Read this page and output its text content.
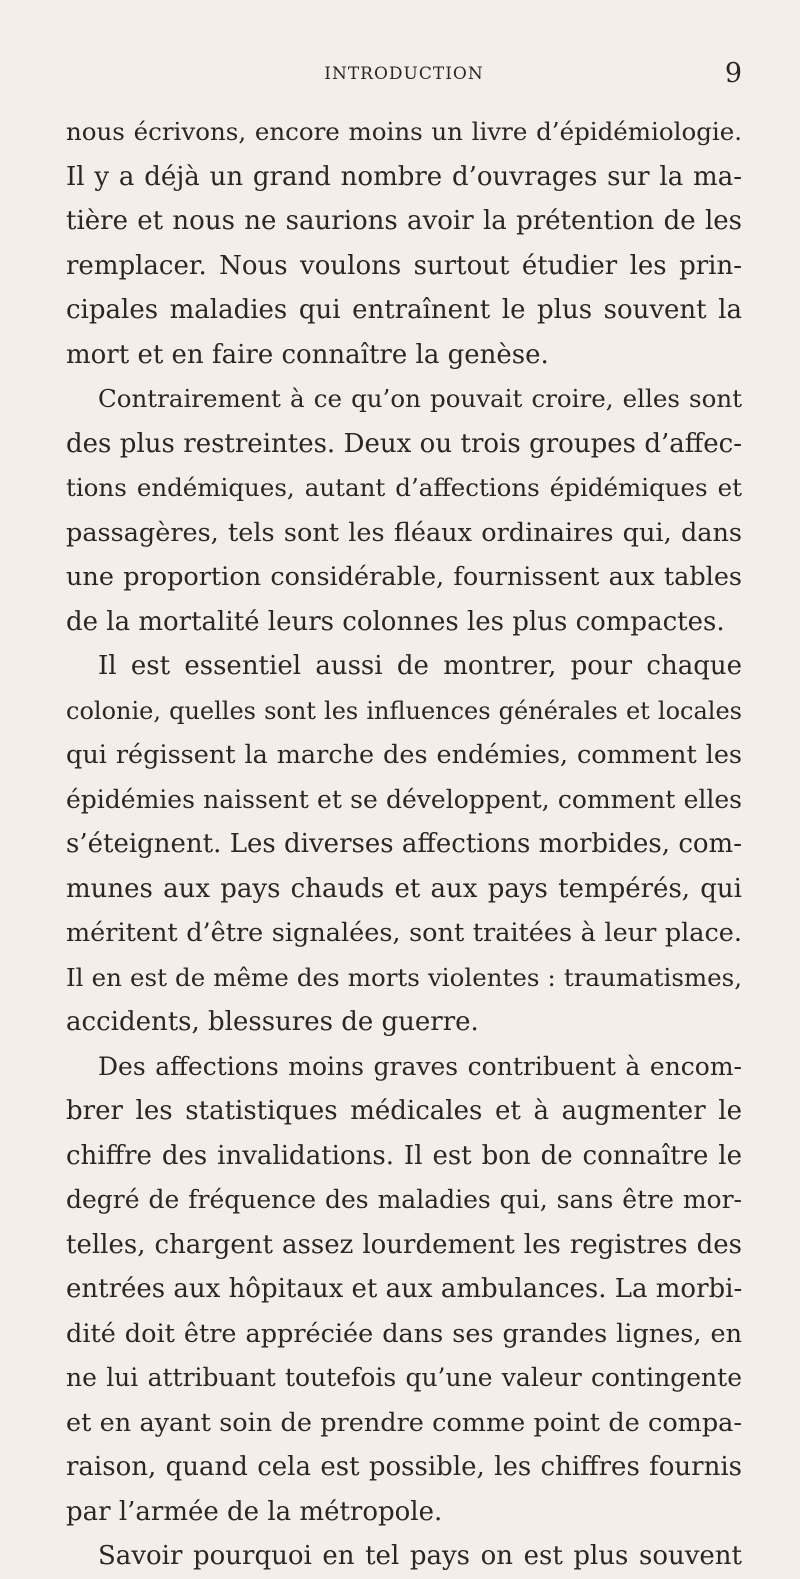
INTRODUCTION	9
nous écrivons, encore moins un livre d’épidémiologie.
Il y a déjà un grand nombre d’ouvrages sur la ma-
tière et nous ne saurions avoir la prétention de les
remplacer. Nous voulons surtout étudier les prin-
cipales maladies qui entraînent le plus souvent la
mort et en faire connaître la genèse.
Contrairement à ce qu’on pouvait croire, elles sont
des plus restreintes. Deux ou trois groupes d’affec-
tions endémiques, autant d’affections épidémiques et
passagères, tels sont les fléaux ordinaires qui, dans
une proportion considérable, fournissent aux tables
de la mortalité leurs colonnes les plus compactes.
Il est essentiel aussi de montrer, pour chaque
colonie, quelles sont les influences générales et locales
qui régissent la marche des endémies, comment les
épidémies naissent et se développent, comment elles
s’éteignent. Les diverses affections morbides, com-
munes aux pays chauds et aux pays tempérés, qui
méritent d’être signalées, sont traitées à leur place.
Il en est de même des morts violentes : traumatismes,
accidents, blessures de guerre.
Des affections moins graves contribuent à encom-
brer les statistiques médicales et à augmenter le
chiffre des invalidations. Il est bon de connaître le
degré de fréquence des maladies qui, sans être mor-
telles, chargent assez lourdement les registres des
entrées aux hôpitaux et aux ambulances. La morbi-
dité doit être appréciée dans ses grandes lignes, en
ne lui attribuant toutefois qu’une valeur contingente
et en ayant soin de prendre comme point de compa-
raison, quand cela est possible, les chiffres fournis
par l’armée de la métropole.
Savoir pourquoi en tel pays on est plus souvent
